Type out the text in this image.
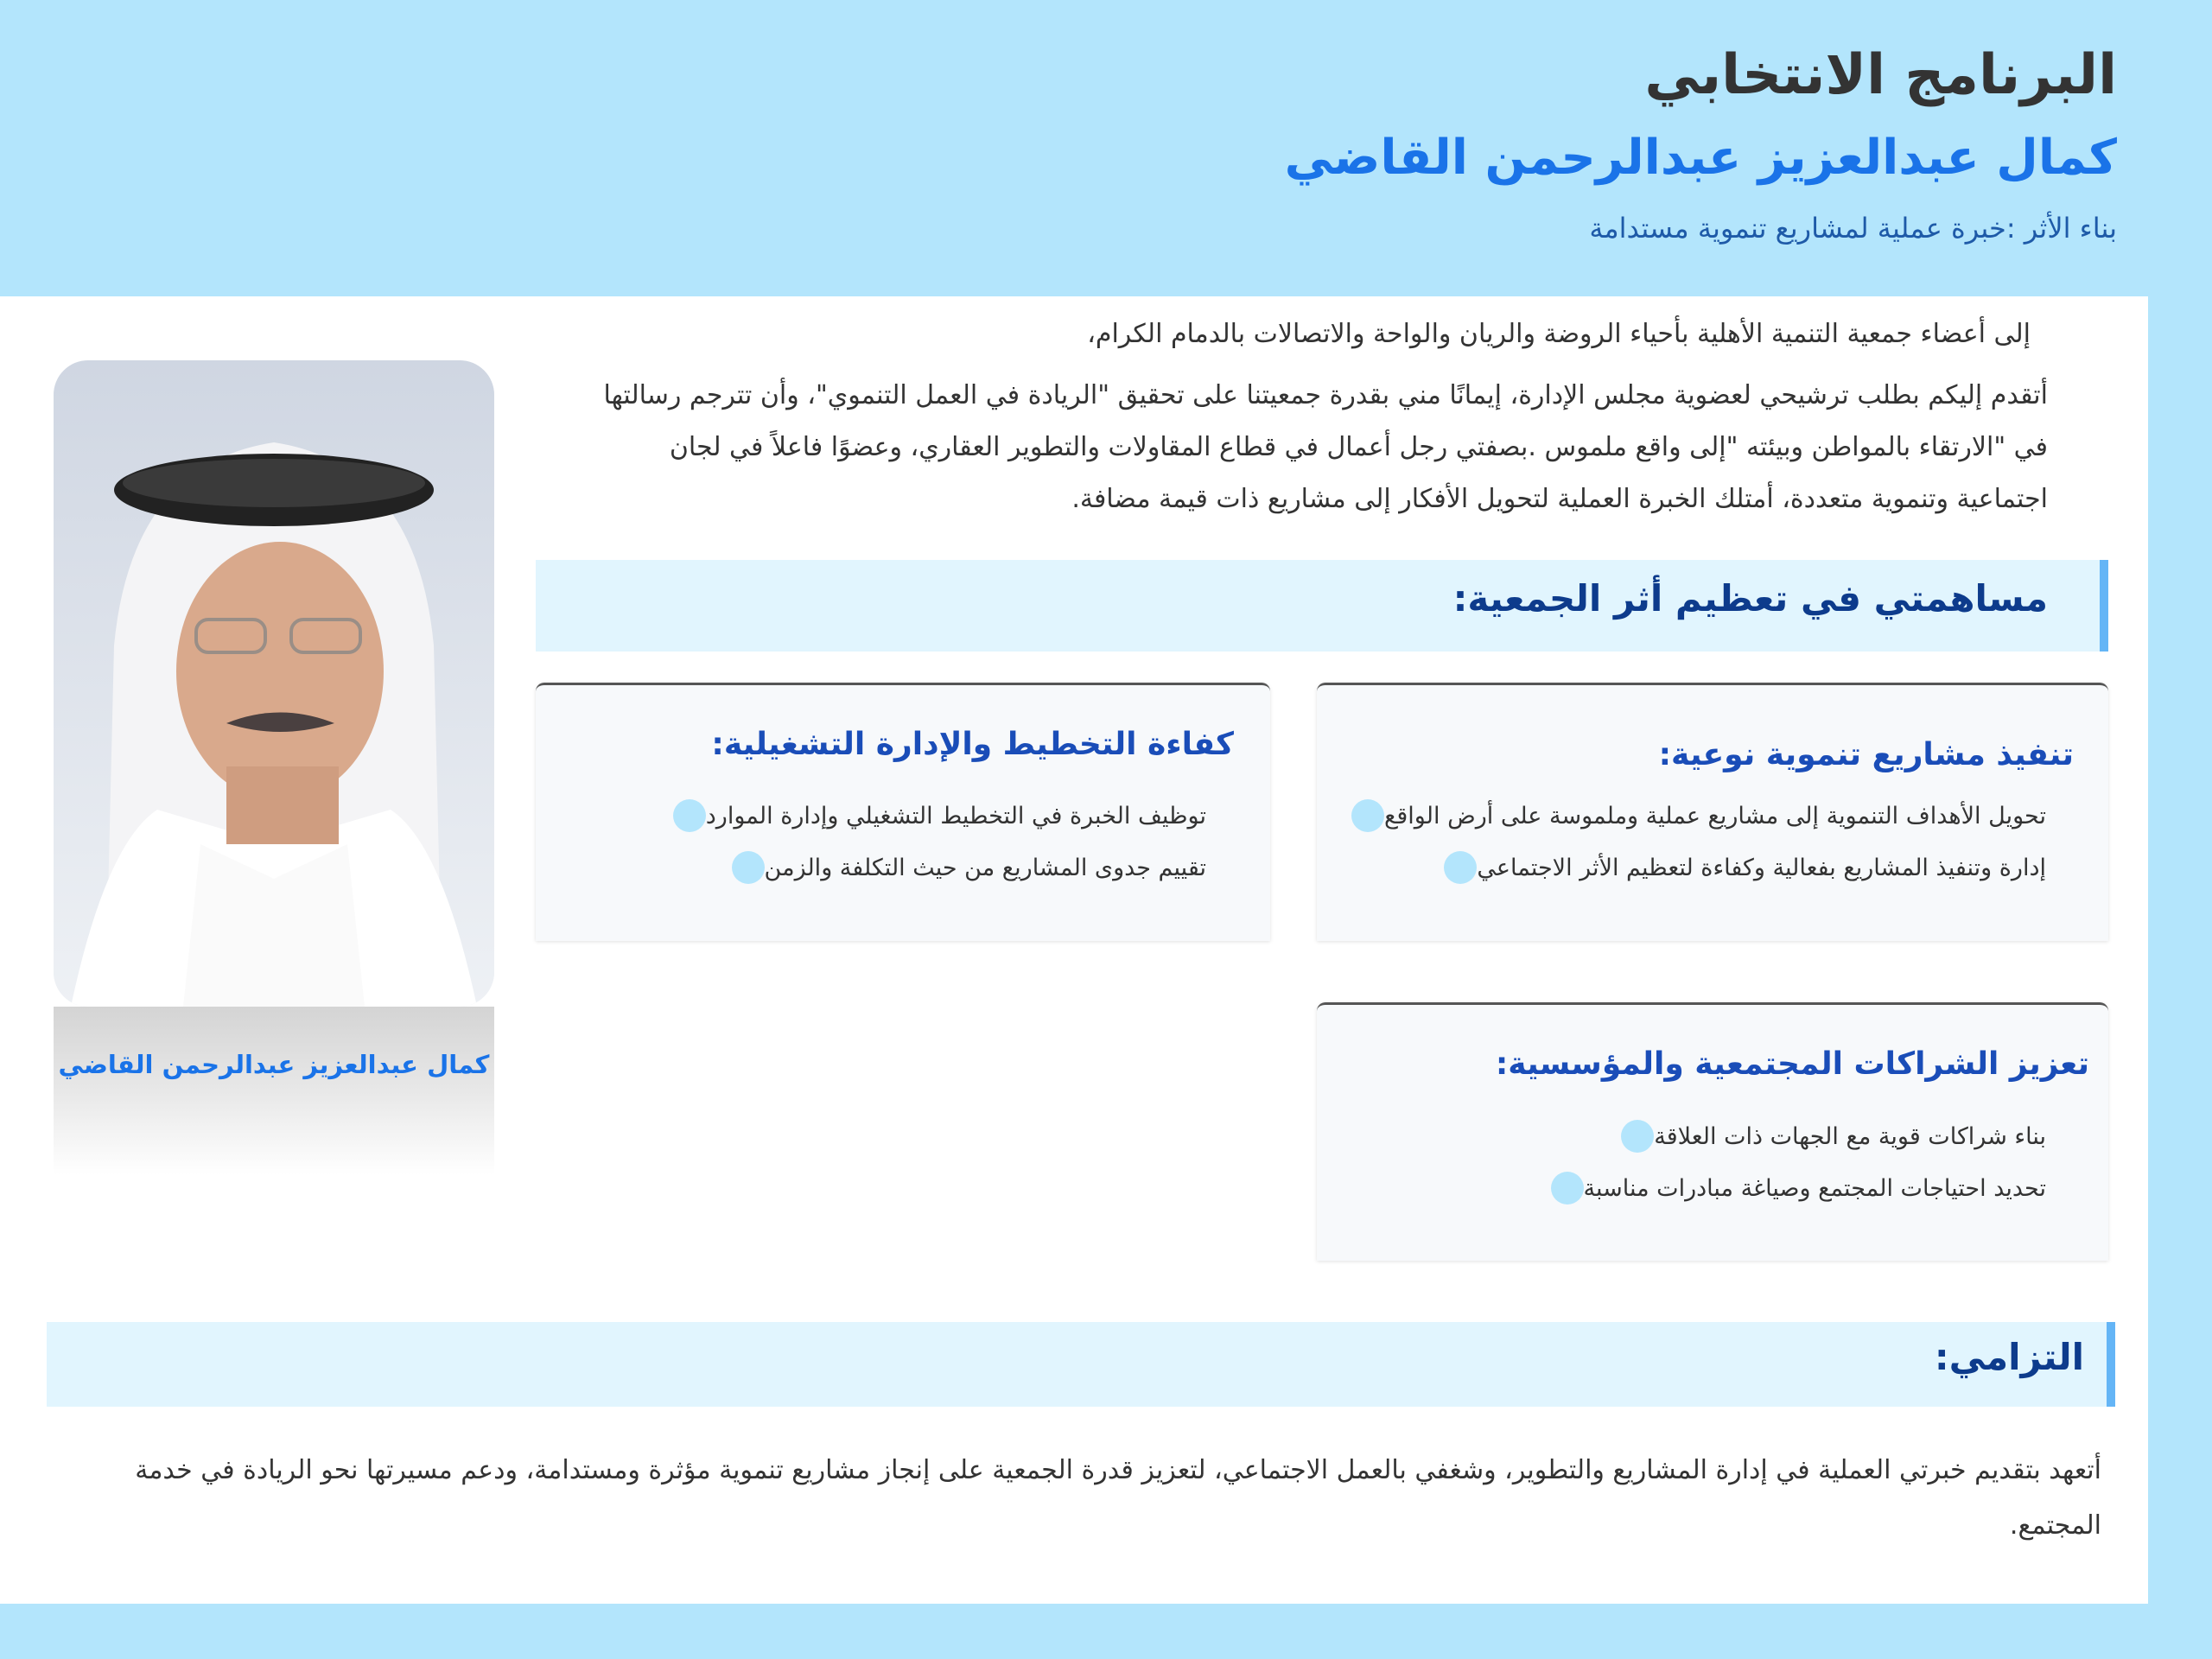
البرنامج الانتخابي
كمال عبدالعزيز عبدالرحمن القاضي

بناء الأثر :خبرة عملية لمشاريع تنموية مستدامة

كمال عبدالعزيز عبدالرحمن القاضي

إلى أعضاء جمعية التنمية الأهلية بأحياء الروضة والريان والواحة والاتصالات بالدمام الكرام،

أتقدم إليكم بطلب ترشيحي لعضوية مجلس الإدارة، إيمانًا مني بقدرة جمعيتنا على تحقيق "الريادة في العمل التنموي"، وأن تترجم رسالتها في "الارتقاء بالمواطن وبيئته "إلى واقع ملموس .بصفتي رجل أعمال في قطاع المقاولات والتطوير العقاري، وعضوًا فاعلاً في لجان اجتماعية وتنموية متعددة، أمتلك الخبرة العملية لتحويل الأفكار إلى مشاريع ذات قيمة مضافة.

مساهمتي في تعظيم أثر الجمعية:
تنفيذ مشاريع تنموية نوعية:
تحويل الأهداف التنموية إلى مشاريع عملية وملموسة على أرض الواقع
إدارة وتنفيذ المشاريع بفعالية وكفاءة لتعظيم الأثر الاجتماعي
كفاءة التخطيط والإدارة التشغيلية:
توظيف الخبرة في التخطيط التشغيلي وإدارة الموارد
تقييم جدوى المشاريع من حيث التكلفة والزمن
تعزيز الشراكات المجتمعية والمؤسسية:
بناء شراكات قوية مع الجهات ذات العلاقة
تحديد احتياجات المجتمع وصياغة مبادرات مناسبة
التزامي:

أتعهد بتقديم خبرتي العملية في إدارة المشاريع والتطوير، وشغفي بالعمل الاجتماعي، لتعزيز قدرة الجمعية على إنجاز مشاريع تنموية مؤثرة ومستدامة، ودعم مسيرتها نحو الريادة في خدمة المجتمع.
